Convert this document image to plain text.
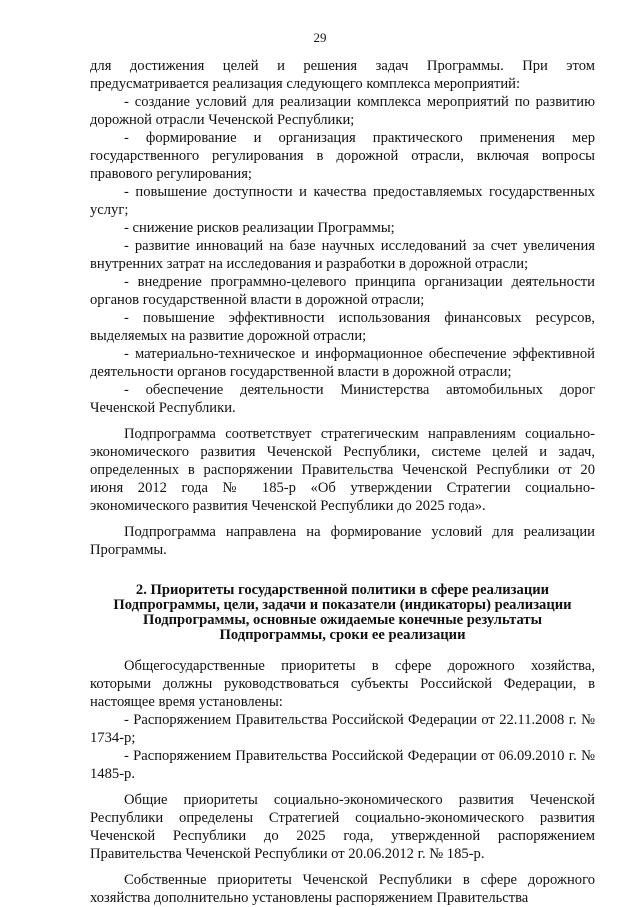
29

для достижения целей и решения задач Программы. При этом предусматривается реализация следующего комплекса мероприятий:

- создание условий для реализации комплекса мероприятий по развитию дорожной отрасли Чеченской Республики;

- формирование и организация практического применения мер государственного регулирования в дорожной отрасли, включая вопросы правового регулирования;

- повышение доступности и качества предоставляемых государственных услуг;

- снижение рисков реализации Программы;

- развитие инноваций на базе научных исследований за счет увеличения внутренних затрат на исследования и разработки в дорожной отрасли;

- внедрение программно-целевого принципа организации деятельности органов государственной власти в дорожной отрасли;

- повышение эффективности использования финансовых ресурсов, выделяемых на развитие дорожной отрасли;

- материально-техническое и информационное обеспечение эффективной деятельности органов государственной власти в дорожной отрасли;

- обеспечение деятельности Министерства автомобильных дорог Чеченской Республики.

Подпрограмма соответствует стратегическим направлениям социально-экономического развития Чеченской Республики, системе целей и задач, определенных в распоряжении Правительства Чеченской Республики от 20 июня 2012 года № 185-р «Об утверждении Стратегии социально-экономического развития Чеченской Республики до 2025 года».

Подпрограмма направлена на формирование условий для реализации Программы.

2. Приоритеты государственной политики в сфере реализации Подпрограммы, цели, задачи и показатели (индикаторы) реализации Подпрограммы, основные ожидаемые конечные результаты Подпрограммы, сроки ее реализации

Общегосударственные приоритеты в сфере дорожного хозяйства, которыми должны руководствоваться субъекты Российской Федерации, в настоящее время установлены:

- Распоряжением Правительства Российской Федерации от 22.11.2008 г. № 1734-р;

- Распоряжением Правительства Российской Федерации от 06.09.2010 г. № 1485-р.

Общие приоритеты социально-экономического развития Чеченской Республики определены Стратегией социально-экономического развития Чеченской Республики до 2025 года, утвержденной распоряжением Правительства Чеченской Республики от 20.06.2012 г. № 185-р.

Собственные приоритеты Чеченской Республики в сфере дорожного хозяйства дополнительно установлены распоряжением Правительства
